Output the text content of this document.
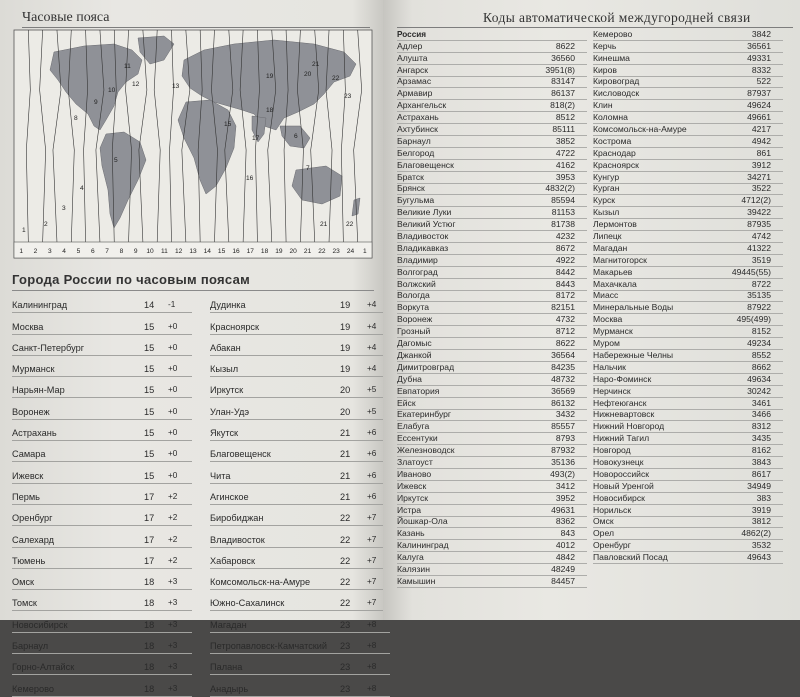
Часовые пояса
1 2 3 4 5 6 7 8 9 10 11 12 13 14 15 16 17 18 19 20 21 22 23 24 1
13
11
12
19	20
21
22
23
18
15
10
9
8
17
3
2
1
4
5
7
6
21
16
22
Города России по часовым поясам
Калининград	14 -1
Москва	15 +0
Санкт-Петербург	15 +0
Мурманск	15 +0
Нарьян-Мар	15 +0
Воронеж	15 +0
Астрахань	15 +0
Самара	15 +0
Ижевск	15 +0
Пермь	17 +2
Оренбург	17 +2
Салехард	17 +2
Тюмень	17 +2
Омск	18 +3
Томск	18 +3
Новосибирск	18 +3
Барнаул	18 +3
Горно-Алтайск	18 +3
Кемерово	18 +3
Дудинка	19 +4
Красноярск	19 +4
Абакан	19 +4
Кызыл	19 +4
Иркутск	20 +5
Улан-Удэ	20 +5
Якутск	21 +6
Благовещенск	21 +6
Чита	21 +6
Агинское	21 +6
Биробиджан	22 +7
Владивосток	22 +7
Хабаровск	22 +7
Комсомольск-на-Амуре	22 +7
Южно-Сахалинск	22 +7
Магадан	23 +8
Петропавловск-Камчатский 23 +8
Палана	23 +8
Анадырь	23 +8
Коды автоматической междугородней связи
Россия
Адлер	8622
Алушта	36560
Ангарск	3951(8)
Арзамас	83147
Армавир	86137
Архангельск	818(2)
Астрахань	8512
Ахтубинск	85111
Барнаул	3852
Белгород	4722
Благовещенск	4162
Братск	3953
Брянск	4832(2)
Бугульма	85594
Великие Луки	81153
Великий Устюг	81738
Владивосток	4232
Владикавказ	8672
Владимир	4922
Волгоград	8442
Волжский	8443
Вологда	8172
Воркута	82151
Воронеж	4732
Грозный	8712
Дагомыс	8622
Джанкой	36564
Димитровград	84235
Дубна	48732
Евпатория	36569
Ейск	86132
Екатеринбург	3432
Елабуга	85557
Ессентуки	8793
Железноводск	87932
Златоуст	35136
Иваново	493(2)
Ижевск	3412
Иркутск	3952
Истра	49631
Йошкар-Ола	8362
Казань	843
Калининград	4012
Калуга	4842
Калязин	48249
Камышин	84457
Кемерово	3842
Керчь	36561
Кинешма	49331
Киров	8332
Кировоград	522
Кисловодск	87937
Клин	49624
Коломна	49661
Комсомольск-на-Амуре	4217
Кострома	4942
Краснодар	861
Красноярск	3912
Кунгур	34271
Курган	3522
Курск	4712(2)
Кызыл	39422
Лермонтов	87935
Липецк	4742
Магадан	41322
Магнитогорск	3519
Макарьев	49445(55)
Махачкала	8722
Миасс	35135
Минеральные Воды	87922
Москва	495(499)
Мурманск	8152
Муром	49234
Набережные Челны	8552
Нальчик	8662
Наро-Фоминск	49634
Нерчинск	30242
Нефтеюганск	3461
Нижневартовск	3466
Нижний Новгород	8312
Нижний Тагил	3435
Новгород	8162
Новокузнецк	3843
Новороссийск	8617
Новый Уренгой	34949
Новосибирск	383
Норильск	3919
Омск	3812
Орел	4862(2)
Оренбург	3532
Павловский Посад	49643
